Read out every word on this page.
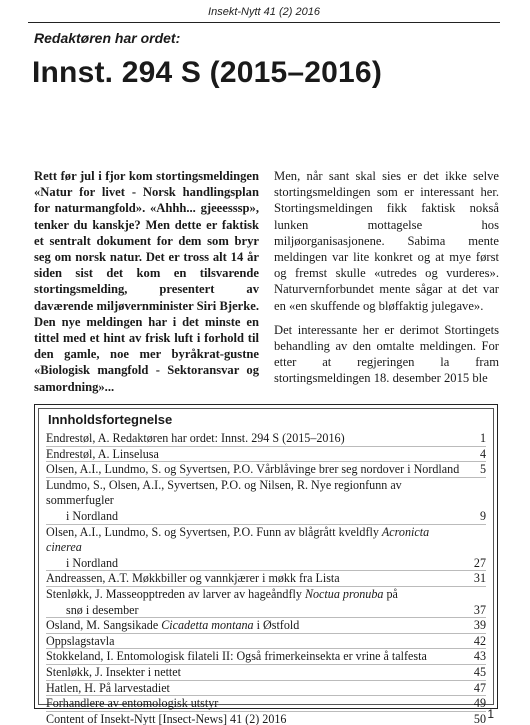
Insekt-Nytt 41 (2) 2016
Redaktøren har ordet:
Innst. 294 S (2015–2016)

Rett før jul i fjor kom stortingsmeldingen «Natur for livet - Norsk handlingsplan for naturmangfold». «Ahhh... gjeeesssp», tenker du kanskje? Men dette er faktisk et sentralt dokument for dem som bryr seg om norsk natur. Det er tross alt 14 år siden sist det kom en tilsvarende stortingsmelding, presentert av daværende miljøvernminister Siri Bjerke. Den nye meldingen har i det minste en tittel med et hint av frisk luft i forhold til den gamle, noe mer byråkrat-gustne «Biologisk mangfold - Sektoransvar og samordning»...

Men, når sant skal sies er det ikke selve stortingsmeldingen som er interessant her. Stortingsmeldingen fikk faktisk nokså lunken mottagelse hos miljøorganisasjonene. Sabima mente meldingen var lite konkret og at mye først og fremst skulle «utredes og vurderes». Naturvernforbundet mente sågar at det var en «en skuffende og bløffaktig julegave».

Det interessante her er derimot Stortingets behandling av den omtalte meldingen. For etter at regjeringen la fram stortingsmeldingen 18. desember 2015 ble

Innholdsfortegnelse
Endrestøl, A. Redaktøren har ordet: Innst. 294 S (2015–2016)	1
Endrestøl, A. Linselusa	4
Olsen, A.I., Lundmo, S. og Syvertsen, P.O. Vårblåvinge brer seg nordover i Nordland 5
Lundmo, S., Olsen, A.I., Syvertsen, P.O. og Nilsen, R. Nye regionfunn av sommerfugler
i Nordland	9
Olsen, A.I., Lundmo, S. og Syvertsen, P.O. Funn av blågrått kveldfly Acronicta cinerea
i Nordland	27
Andreassen, A.T. Møkkbiller og vannkjærer i møkk fra Lista	31
Stenløkk, J. Masseopptreden av larver av hageåndfly Noctua pronuba på
snø i desember	37
Osland, M. Sangsikade Cicadetta montana i Østfold	39
Oppslagstavla	42
Stokkeland, I. Entomologisk filateli II: Også frimerkeinsekta er vrine å talfesta	43
Stenløkk, J. Insekter i nettet	45
Hatlen, H. På larvestadiet	47
Forhandlere av entomologisk utstyr	49
Content of Insekt-Nytt [Insect-News] 41 (2) 2016	50 1
